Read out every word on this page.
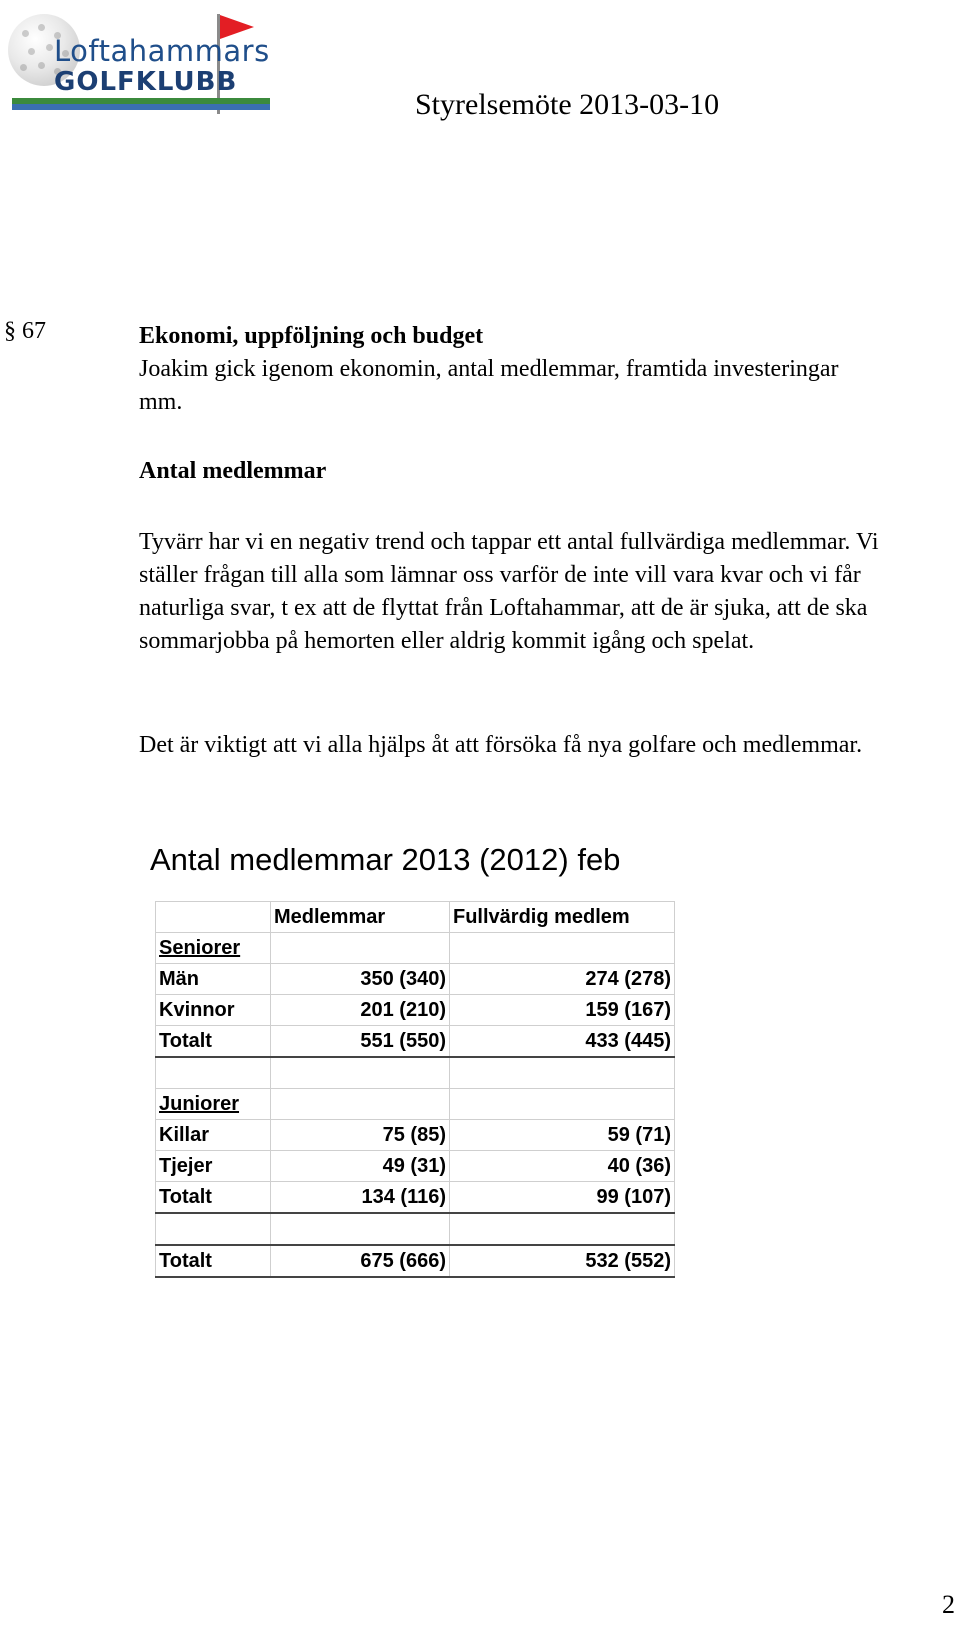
Loftahammars
GOLFKLUBB
Styrelsemöte 2013-03-10
§ 67	Ekonomi, uppföljning och budget
Joakim gick igenom ekonomin, antal medlemmar, framtida investeringar mm.
Antal medlemmar
Tyvärr har vi en negativ trend och tappar ett antal fullvärdiga medlemmar. Vi ställer frågan till alla som lämnar oss varför de inte vill vara kvar och vi får naturliga svar, t ex att de flyttat från Loftahammar, att de är sjuka, att de ska sommarjobba på hemorten eller aldrig kommit igång och spelat.
Det är viktigt att vi alla hjälps åt att försöka få nya golfare och medlemmar.
Antal medlemmar 2013 (2012) feb
	Medlemmar	Fullvärdig medlem
Seniorer		
Män	350 (340)	274 (278)
Kvinnor	201 (210)	159 (167)
Totalt	551 (550)	433 (445)

Juniorer		
Killar	75 (85)	59 (71)
Tjejer	49 (31)	40 (36)
Totalt	134 (116)	99 (107)

Totalt	675 (666)	532 (552)
2
